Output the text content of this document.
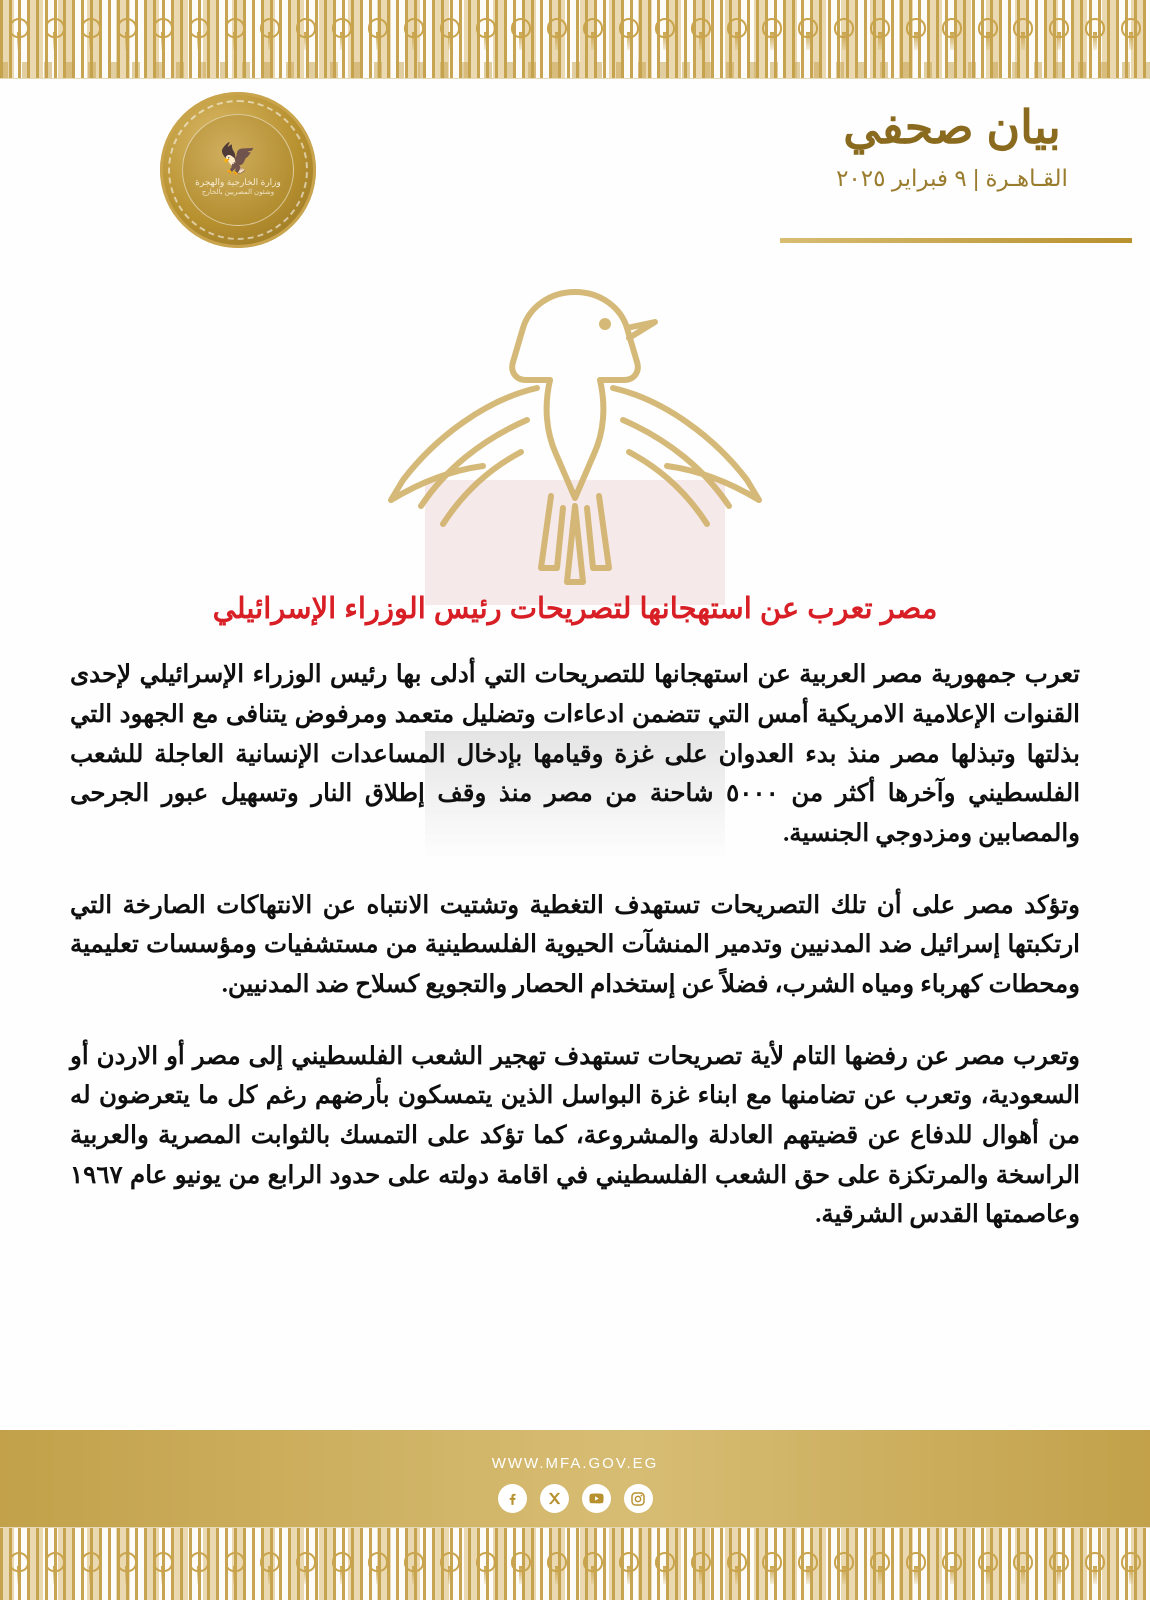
بيان صحفي
القـاهـرة | ٩ فبراير ٢٠٢٥
🦅
وزارة الخارجية والهجرة
وشئون المصريين بالخارج
مصر تعرب عن استهجانها لتصريحات رئيس الوزراء الإسرائيلي

تعرب جمهورية مصر العربية عن استهجانها للتصريحات التي أدلى بها رئيس الوزراء الإسرائيلي لإحدى القنوات الإعلامية الامريكية أمس التي تتضمن ادعاءات وتضليل متعمد ومرفوض يتنافى مع الجهود التي بذلتها وتبذلها مصر منذ بدء العدوان على غزة وقيامها بإدخال المساعدات الإنسانية العاجلة للشعب الفلسطيني وآخرها أكثر من ٥٠٠٠ شاحنة من مصر منذ وقف إطلاق النار وتسهيل عبور الجرحى والمصابين ومزدوجي الجنسية.

وتؤكد مصر على أن تلك التصريحات تستهدف التغطية وتشتيت الانتباه عن الانتهاكات الصارخة التي ارتكبتها إسرائيل ضد المدنيين وتدمير المنشآت الحيوية الفلسطينية من مستشفيات ومؤسسات تعليمية ومحطات كهرباء ومياه الشرب، فضلاً عن إستخدام الحصار والتجويع كسلاح ضد المدنيين.

وتعرب مصر عن رفضها التام لأية تصريحات تستهدف تهجير الشعب الفلسطيني إلى مصر أو الاردن أو السعودية، وتعرب عن تضامنها مع ابناء غزة البواسل الذين يتمسكون بأرضهم رغم كل ما يتعرضون له من أهوال للدفاع عن قضيتهم العادلة والمشروعة، كما تؤكد على التمسك بالثوابت المصرية والعربية الراسخة والمرتكزة على حق الشعب الفلسطيني في اقامة دولته على حدود الرابع من يونيو عام ١٩٦٧ وعاصمتها القدس الشرقية.

WWW.MFA.GOV.EG
